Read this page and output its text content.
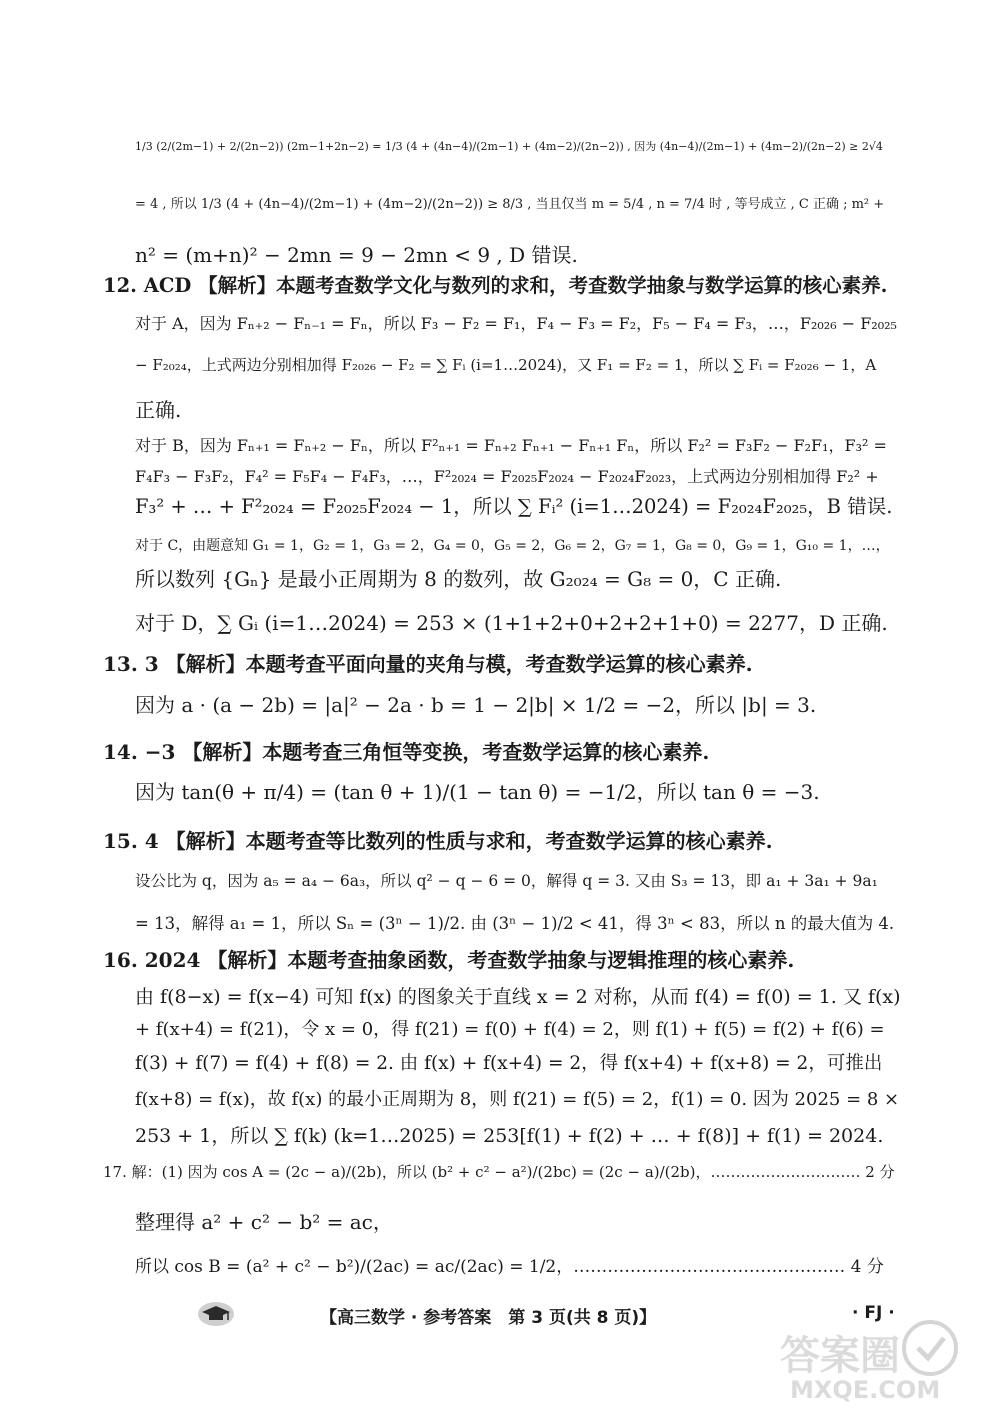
1/3 (2/(2m−1) + 2/(2n−2)) (2m−1+2n−2) = 1/3 (4 + (4n−4)/(2m−1) + (4m−2)/(2n−2)) , 因为 (4n−4)/(2m−1) + (4m−2)/(2n−2) ≥ 2√4
= 4 , 所以 1/3 (4 + (4n−4)/(2m−1) + (4m−2)/(2n−2)) ≥ 8/3 , 当且仅当 m = 5/4 , n = 7/4 时 , 等号成立 , C 正确 ; m² +
n² = (m+n)² − 2mn = 9 − 2mn < 9 , D 错误.
12. ACD 【解析】本题考查数学文化与数列的求和，考查数学抽象与数学运算的核心素养.
对于 A，因为 Fₙ₊₂ − Fₙ₋₁ = Fₙ，所以 F₃ − F₂ = F₁，F₄ − F₃ = F₂，F₅ − F₄ = F₃，…，F₂₀₂₆ − F₂₀₂₅
− F₂₀₂₄，上式两边分别相加得 F₂₀₂₆ − F₂ = ∑ Fᵢ (i=1…2024)，又 F₁ = F₂ = 1，所以 ∑ Fᵢ = F₂₀₂₆ − 1，A
正确.
对于 B，因为 Fₙ₊₁ = Fₙ₊₂ − Fₙ，所以 F²ₙ₊₁ = Fₙ₊₂ Fₙ₊₁ − Fₙ₊₁ Fₙ，所以 F₂² = F₃F₂ − F₂F₁，F₃² =
F₄F₃ − F₃F₂，F₄² = F₅F₄ − F₄F₃，…，F²₂₀₂₄ = F₂₀₂₅F₂₀₂₄ − F₂₀₂₄F₂₀₂₃，上式两边分别相加得 F₂² +
F₃² + … + F²₂₀₂₄ = F₂₀₂₅F₂₀₂₄ − 1，所以 ∑ Fᵢ² (i=1…2024) = F₂₀₂₄F₂₀₂₅，B 错误.
对于 C，由题意知 G₁ = 1，G₂ = 1，G₃ = 2，G₄ = 0，G₅ = 2，G₆ = 2，G₇ = 1，G₈ = 0，G₉ = 1，G₁₀ = 1，…，
所以数列 {Gₙ} 是最小正周期为 8 的数列，故 G₂₀₂₄ = G₈ = 0，C 正确.
对于 D，∑ Gᵢ (i=1…2024) = 253 × (1+1+2+0+2+2+1+0) = 2277，D 正确.
13. 3 【解析】本题考查平面向量的夹角与模，考查数学运算的核心素养.
因为 a · (a − 2b) = |a|² − 2a · b = 1 − 2|b| × 1/2 = −2，所以 |b| = 3.
14. −3 【解析】本题考查三角恒等变换，考查数学运算的核心素养.
因为 tan(θ + π/4) = (tan θ + 1)/(1 − tan θ) = −1/2，所以 tan θ = −3.
15. 4 【解析】本题考查等比数列的性质与求和，考查数学运算的核心素养.
设公比为 q，因为 a₅ = a₄ − 6a₃，所以 q² − q − 6 = 0，解得 q = 3. 又由 S₃ = 13，即 a₁ + 3a₁ + 9a₁
= 13，解得 a₁ = 1，所以 Sₙ = (3ⁿ − 1)/2. 由 (3ⁿ − 1)/2 < 41，得 3ⁿ < 83，所以 n 的最大值为 4.
16. 2024 【解析】本题考查抽象函数，考查数学抽象与逻辑推理的核心素养.
由 f(8−x) = f(x−4) 可知 f(x) 的图象关于直线 x = 2 对称，从而 f(4) = f(0) = 1. 又 f(x)
+ f(x+4) = f(21)，令 x = 0，得 f(21) = f(0) + f(4) = 2，则 f(1) + f(5) = f(2) + f(6) =
f(3) + f(7) = f(4) + f(8) = 2. 由 f(x) + f(x+4) = 2，得 f(x+4) + f(x+8) = 2，可推出
f(x+8) = f(x)，故 f(x) 的最小正周期为 8，则 f(21) = f(5) = 2，f(1) = 0. 因为 2025 = 8 ×
253 + 1，所以 ∑ f(k) (k=1…2025) = 253[f(1) + f(2) + … + f(8)] + f(1) = 2024.
17. 解：(1) 因为 cos A = (2c − a)/(2b)，所以 (b² + c² − a²)/(2bc) = (2c − a)/(2b)，………………………… 2 分
整理得 a² + c² − b² = ac，
所以 cos B = (a² + c² − b²)/(2ac) = ac/(2ac) = 1/2，………………………………………… 4 分
【高三数学 · 参考答案　第 3 页(共 8 页)】	· FJ ·
答案圈
MXQE.COM
